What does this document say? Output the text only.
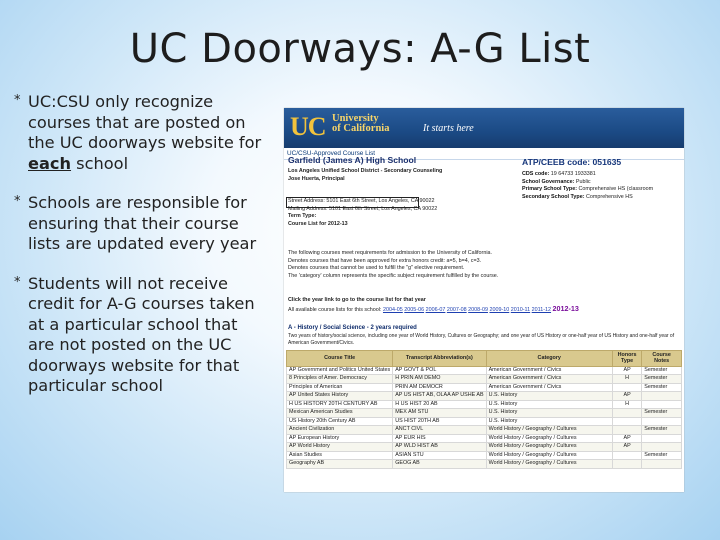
UC Doorways: A-G List
* UC:CSU only recognize courses that are posted on the UC doorways website for each school
* Schools are responsible for ensuring that their course lists are updated every year
* Students will not receive credit for A-G courses taken at a particular school that are not posted on the UC doorways website for that particular school
UC University
of California	It starts here
UC/CSU-Approved Course List
Garfield (James A) High School
Los Angeles Unified School District - Secondary Counseling
Jose Huerta, Principal
Street Address: 5101 East 6th Street, Los Angeles, CA 90022
Mailing Address: 5101 East 6th Street, Los Angeles, CA 90022
Term Type:
Course List for 2012-13
ATP/CEEB code: 051635
CDS code: 19 64733 1933381
School Governance: Public
Primary School Type: Comprehensive HS (classroom
Secondary School Type: Comprehensive HS
The following courses meet requirements for admission to the University of California.
Denotes courses that have been approved for extra honors credit: a=5, b=4, c=3.
Denotes courses that cannot be used to fulfill the "g" elective requirement.
The 'category' column represents the specific subject requirement fulfilled by the course.
Click the year link to go to the course list for that year
All available course lists for this school: 2004-05 2005-06 2006-07 2007-08 2008-09 2009-10 2010-11 2011-12 2012-13
A - History / Social Science - 2 years required
Two years of history/social science, including one year of World History, Cultures or Geography; and one year of US History or one-half year of US History and one-half year of American Government/Civics.
Course Title	Transcript Abbreviation(s)	Category	Honors Type	Course Notes
AP Government and Politics United States	AP GOVT & POL	American Government / Civics	AP	Semester
8 Principles of Amer. Democracy	H PRIN AM DEMO	American Government / Civics	H	Semester
Principles of American	PRIN AM DEMOCR	American Government / Civics		Semester
AP United States History	AP US HIST AB, OLAA AP USHE AB	U.S. History	AP	
H US HISTORY 20TH CENTURY AB	H US HIST 20 AB	U.S. History	H	
Mexican American Studies	MEX AM STU	U.S. History		Semester
US History 20th Century AB	US HIST 20TH AB	U.S. History		
Ancient Civilization	ANCT CIVL	World History / Geography / Cultures		Semester
AP European History	AP EUR HIS	World History / Geography / Cultures	AP	
AP World History	AP WLD HIST AB	World History / Geography / Cultures	AP	
Asian Studies	ASIAN STU	World History / Geography / Cultures		Semester
Geography AB	GEOG AB	World History / Geography / Cultures		
